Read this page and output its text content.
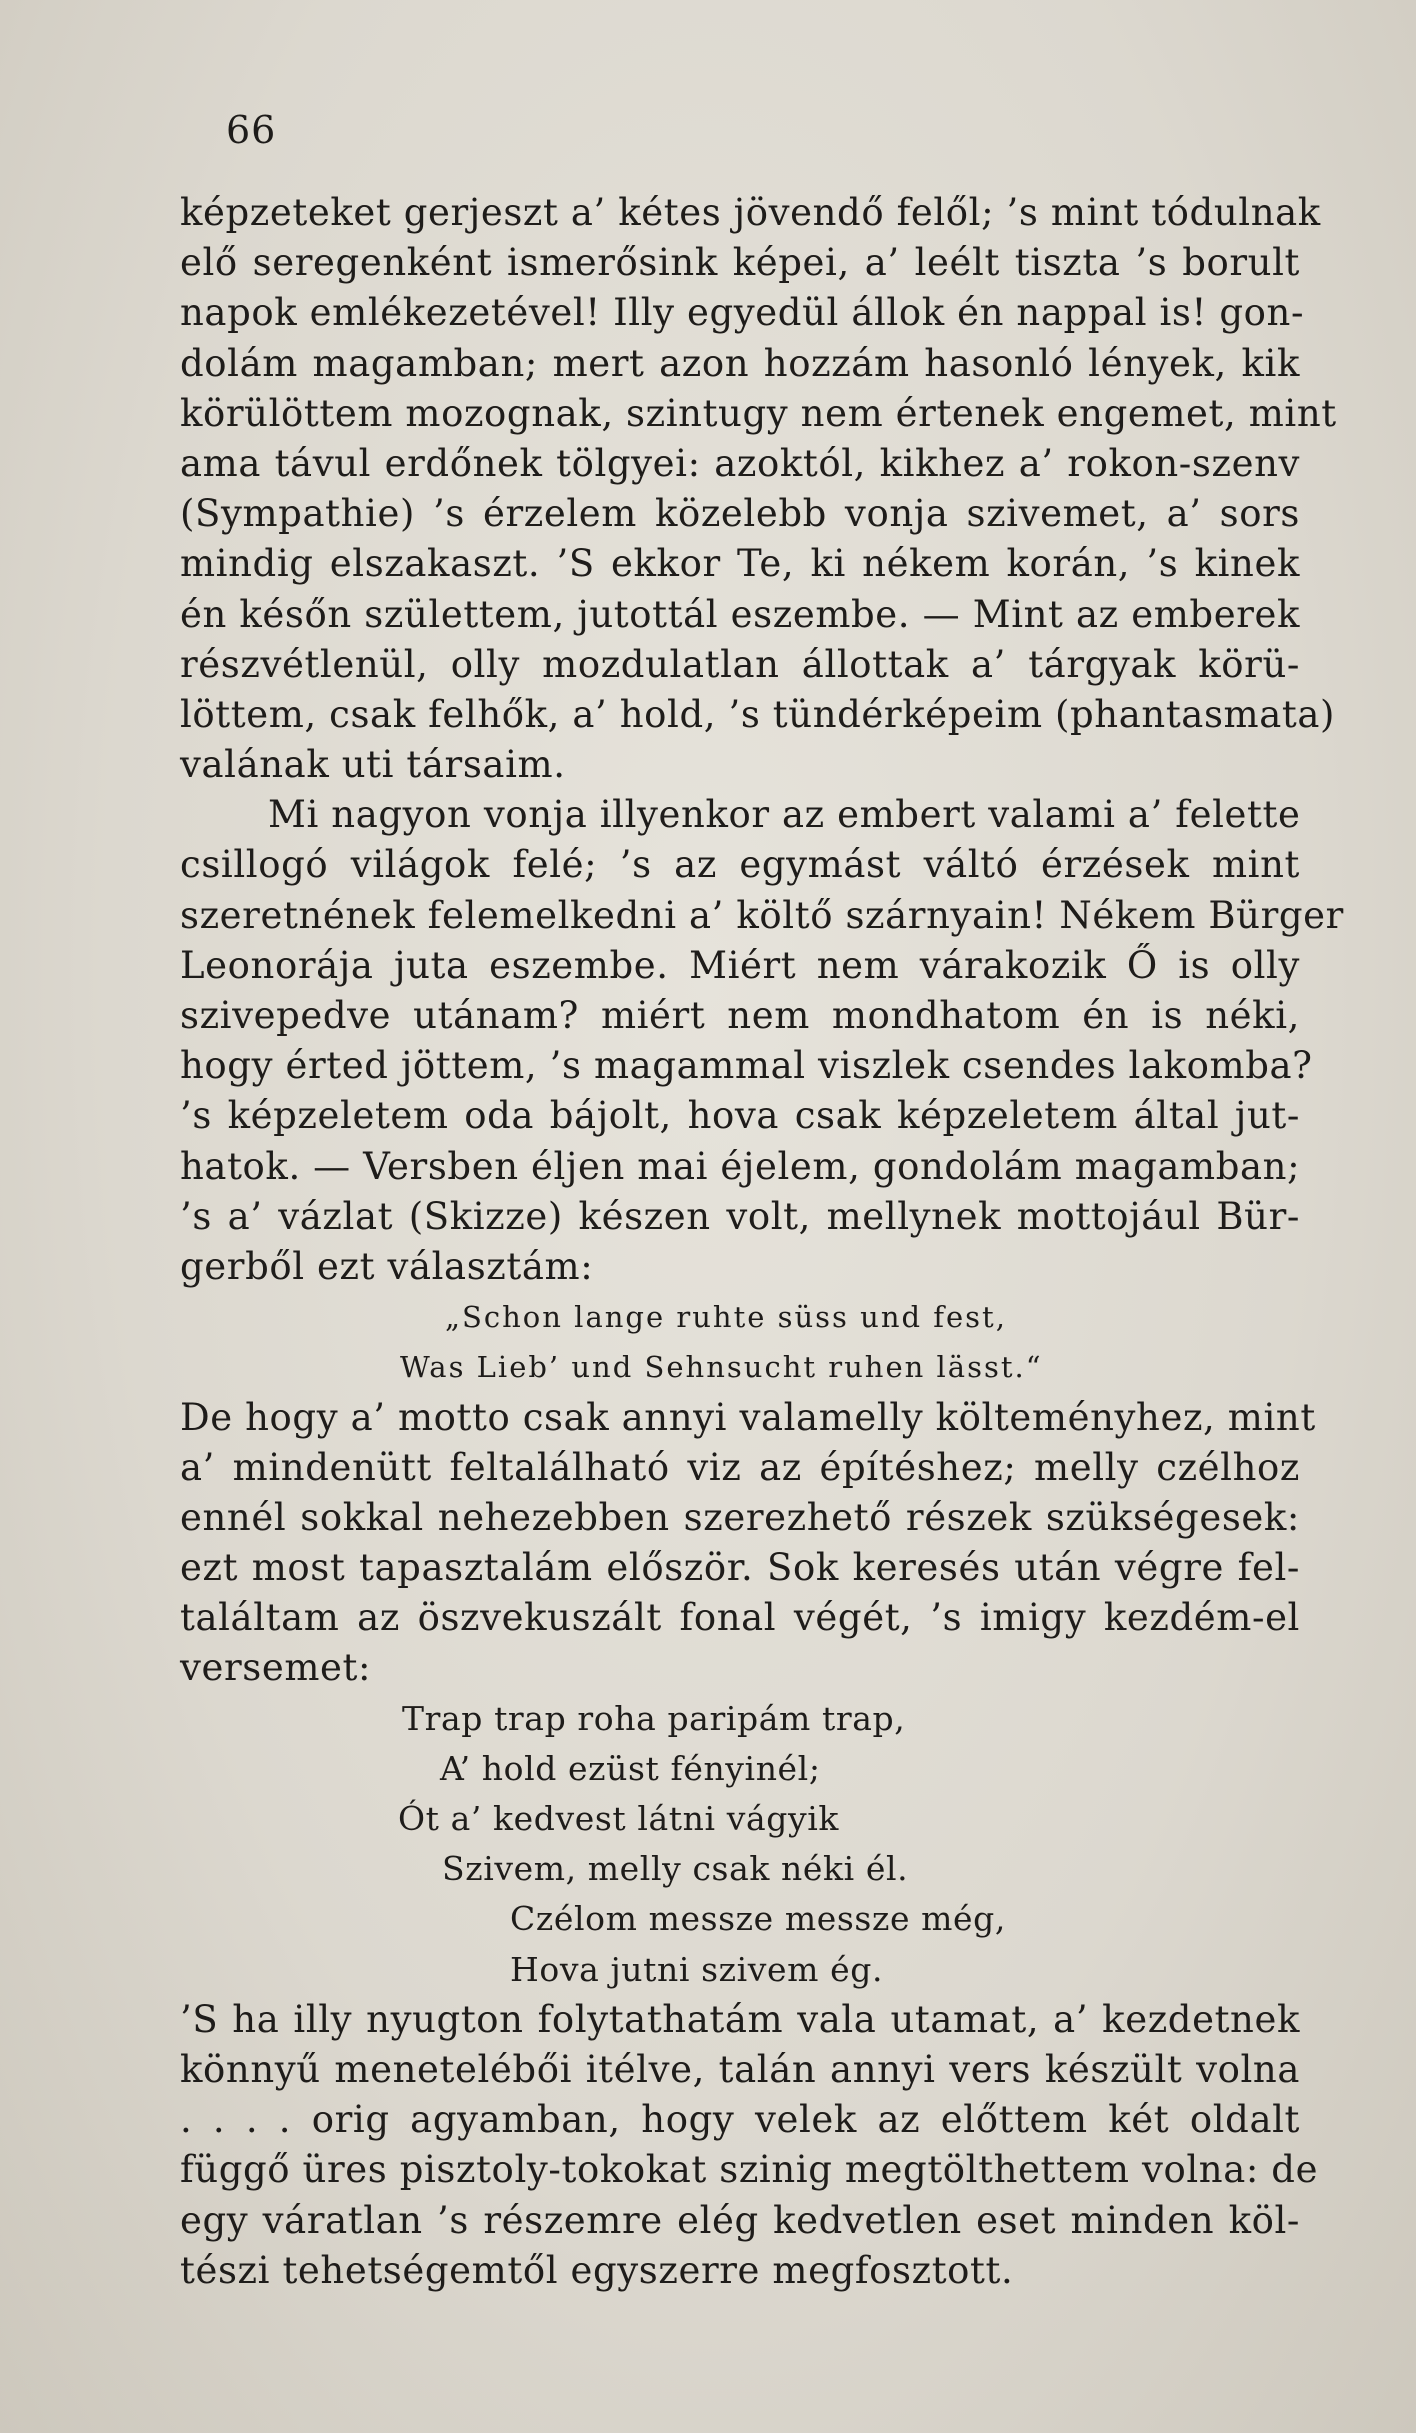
66
képzeteket gerjeszt a’ kétes jövendő felől; ’s mint tódulnak
elő seregenként ismerősink képei, a’ leélt tiszta ’s borult
napok emlékezetével! Illy egyedül állok én nappal is! gon-
dolám magamban; mert azon hozzám hasonló lények, kik
körülöttem mozognak, szintugy nem értenek engemet, mint
ama távul erdőnek tölgyei: azoktól, kikhez a’ rokon-szenv
(Sympathie) ’s érzelem közelebb vonja szivemet, a’ sors
mindig elszakaszt. ’S ekkor Te, ki nékem korán, ’s kinek
én későn születtem, jutottál eszembe. — Mint az emberek
részvétlenül, olly mozdulatlan állottak a’ tárgyak körü-
löttem, csak felhők, a’ hold, ’s tündérképeim (phantasmata)
valának uti társaim.
Mi nagyon vonja illyenkor az embert valami a’ felette
csillogó világok felé; ’s az egymást váltó érzések mint
szeretnének felemelkedni a’ költő szárnyain! Nékem Bürger
Leonorája juta eszembe. Miért nem várakozik Ő is olly
szivepedve utánam? miért nem mondhatom én is néki,
hogy érted jöttem, ’s magammal viszlek csendes lakomba?
’s képzeletem oda bájolt, hova csak képzeletem által jut-
hatok. — Versben éljen mai éjelem, gondolám magamban;
’s a’ vázlat (Skizze) készen volt, mellynek mottojául Bür-
gerből ezt választám:
„Schon lange ruhte süss und fest,
Was Lieb’ und Sehnsucht ruhen lässt.“
De hogy a’ motto csak annyi valamelly költeményhez, mint
a’ mindenütt feltalálható viz az építéshez; melly czélhoz
ennél sokkal nehezebben szerezhető részek szükségesek:
ezt most tapasztalám először. Sok keresés után végre fel-
találtam az öszvekuszált fonal végét, ’s imigy kezdém-el
versemet:
Trap trap roha paripám trap,
A’ hold ezüst fényinél;
Ót a’ kedvest látni vágyik
Szivem, melly csak néki él.
Czélom messze messze még,
Hova jutni szivem ég.
’S ha illy nyugton folytathatám vala utamat, a’ kezdetnek
könnyű menetelébői itélve, talán annyi vers készült volna
. . . . orig agyamban, hogy velek az előttem két oldalt
függő üres pisztoly-tokokat szinig megtölthettem volna: de
egy váratlan ’s részemre elég kedvetlen eset minden köl-
tészi tehetségemtől egyszerre megfosztott.
